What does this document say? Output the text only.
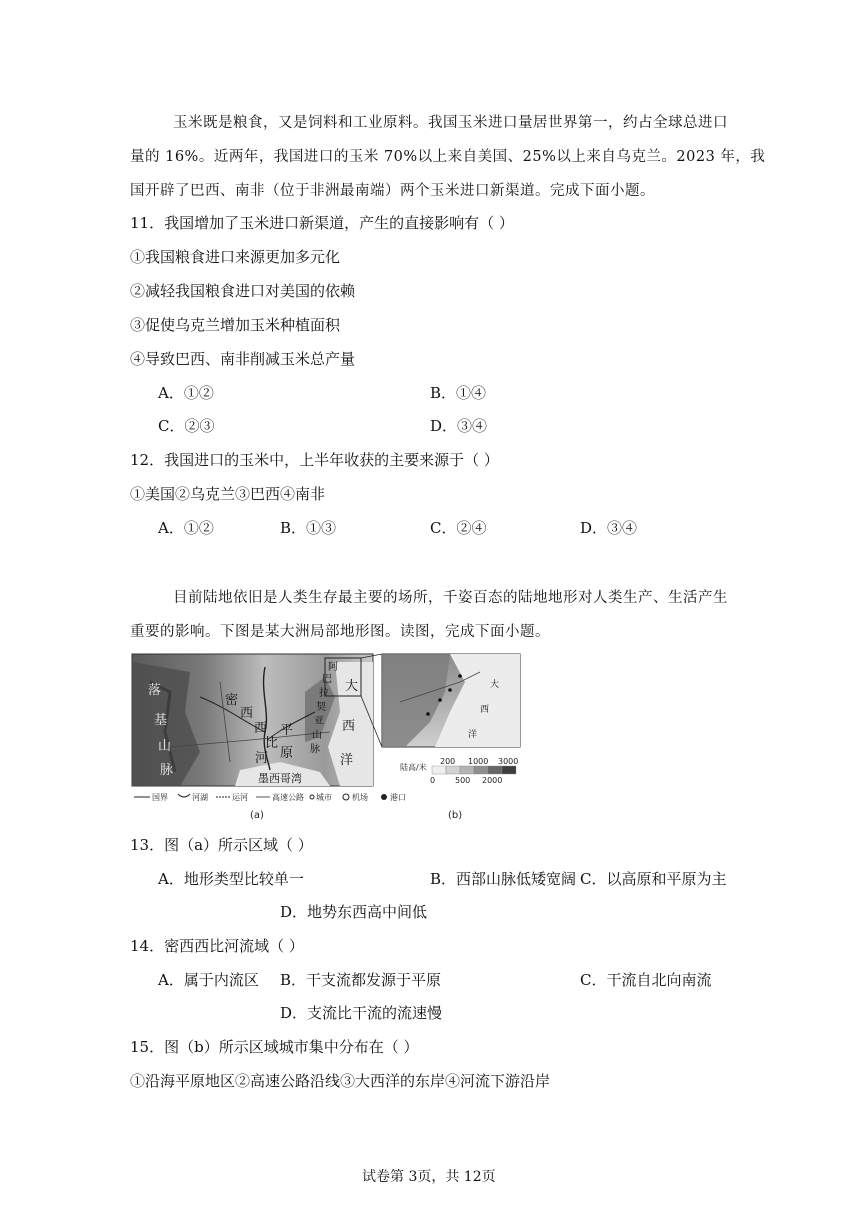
玉米既是粮食，又是饲料和工业原料。我国玉米进口量居世界第一，约占全球总进口
量的 16%。近两年，我国进口的玉米 70%以上来自美国、25%以上来自乌克兰。2023 年，我
国开辟了巴西、南非（位于非洲最南端）两个玉米进口新渠道。完成下面小题。
11．我国增加了玉米进口新渠道，产生的直接影响有（ ）
①我国粮食进口来源更加多元化
②减轻我国粮食进口对美国的依赖
③促使乌克兰增加玉米种植面积
④导致巴西、南非削减玉米总产量
A．①②	B．①④
C．②③	D．③④
12．我国进口的玉米中，上半年收获的主要来源于（ ）
①美国②乌克兰③巴西④南非
A．①②	B．①③	C．②④	D．③④
目前陆地依旧是人类生存最主要的场所，千姿百态的陆地地形对人类生产、生活产生
重要的影响。下图是某大洲局部地形图。读图，完成下面小题。
密
西
西
比
河
落
基
山
脉
平
原
大
西
洋
阿
巴
拉
契
亚
山
脉
墨西哥湾
大
西
洋
陆高/米
200 1000 3000
0 500 2000
国界	河湖	运河	高速公路 城市	机场	港口
(a)	(b)
13．图（a）所示区域（ ）
A．地形类型比较单一	B．西部山脉低矮宽阔 C．以高原和平原为主
D．地势东西高中间低
14．密西西比河流域（ ）
A．属于内流区 B．干支流都发源于平原	C．干流自北向南流
D．支流比干流的流速慢
15．图（b）所示区域城市集中分布在（ ）
①沿海平原地区②高速公路沿线③大西洋的东岸④河流下游沿岸
试卷第 3页，共 12页
